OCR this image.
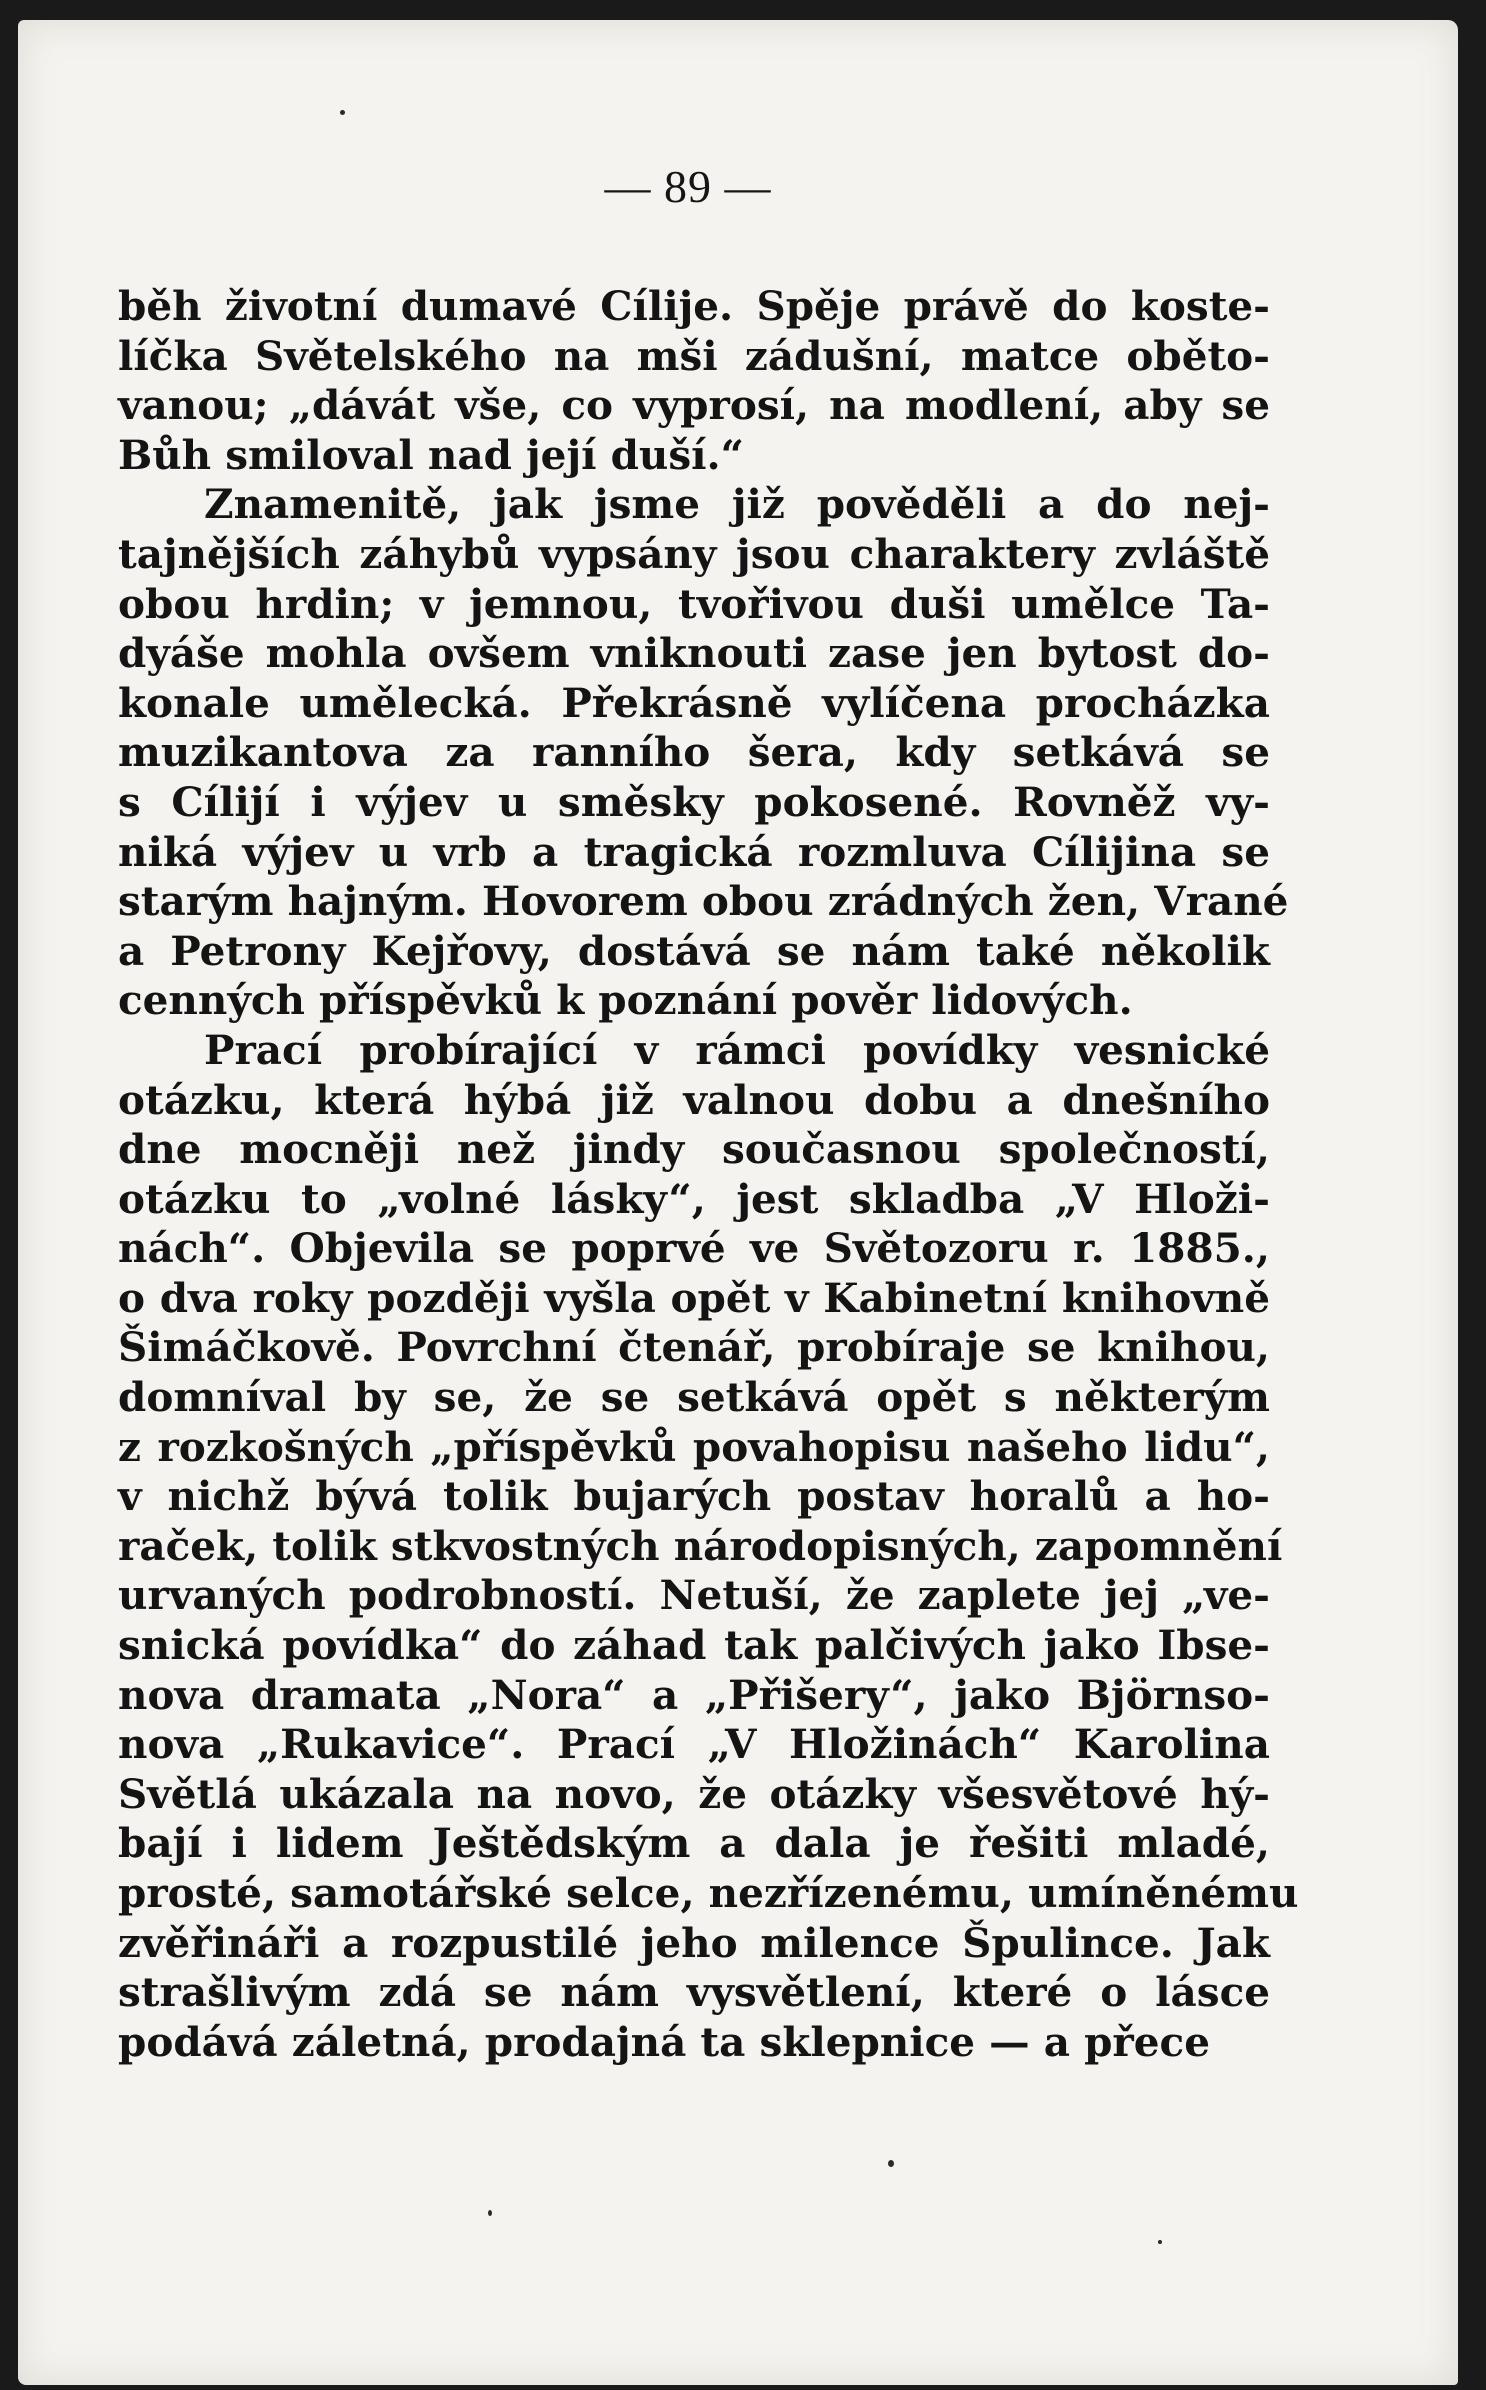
— 89 —
běh životní dumavé Cílije. Spěje právě do koste-
líčka Světelského na mši zádušní, matce obětо-
vanou; „dávát vše, co vyprosí, na modlení, aby se
Bůh smiloval nad její duší.“
Znamenitě, jak jsme již pověděli a do nej-
tajnějších záhybů vypsány jsou charaktery zvláště
obou hrdin; v jemnou, tvořivou duši umělce Ta-
dyáše mohla ovšem vniknouti zase jen bytost do-
konale umělecká. Překrásně vylíčena procházka
muzikantova za ranního šera, kdy setkává se
s Cílijí i výjev u směsky pokosené. Rovněž vy-
niká výjev u vrb a tragická rozmluva Cílijina se
starým hajným. Hovorem obou zrádných žen, Vrané
a Petrony Kejřovy, dostává se nám také několik
cenných příspěvků k poznání pověr lidových.
Prací probírající v rámci povídky vesnické
otázku, která hýbá již valnou dobu a dnešního
dne mocněji než jindy současnou společností,
otázku to „volné lásky“, jest skladba „V Hloži-
nách“. Objevila se poprvé ve Světozoru r. 1885.,
o dva roky později vyšla opět v Kabinetní knihovně
Šimáčkově. Povrchní čtenář, probíraje se knihou,
domníval by se, že se setkává opět s některým
z rozkošných „příspěvků povahopisu našeho lidu“,
v nichž bývá tolik bujarých postav horalů a ho-
raček, tolik stkvostných národopisných, zapomnění
urvaných podrobností. Netuší, že zaplete jej „ve-
snická povídka“ do záhad tak palčivých jako Ibse-
nova dramata „Nora“ a „Přišery“, jako Björnso-
nova „Rukavice“. Prací „V Hložinách“ Karolina
Světlá ukázala na novo, že otázky všesvětové hý-
bají i lidem Ještědským a dala je řešiti mladé,
prosté, samotářské selce, nezřízenému, umíněnému
zvěřináři a rozpustilé jeho milence Špulince. Jak
strašlivým zdá se nám vysvětlení, které o lásce
podává záletná, prodajná ta sklepnice — a přece
